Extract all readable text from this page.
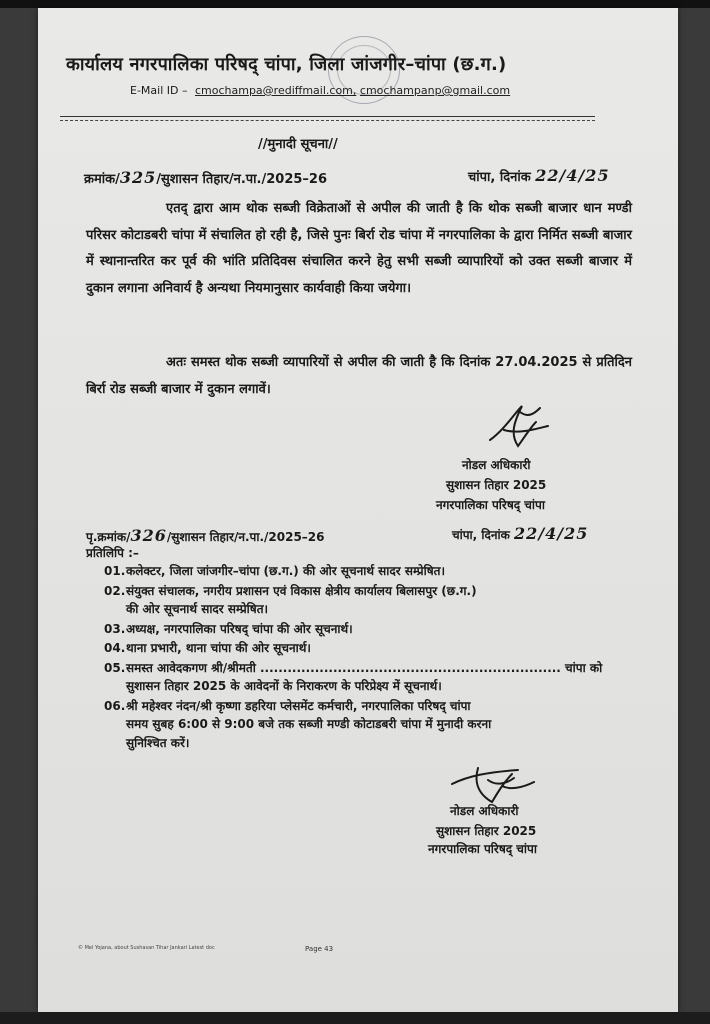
कार्यालय नगरपालिका परिषद् चांपा, जिला जांजगीर–चांपा (छ.ग.)
E-Mail ID – cmochampa@rediffmail.com, cmochampanp@gmail.com
//मुनादी सूचना//
क्रमांक/325/सुशासन तिहार/न.पा./2025–26	चांपा, दिनांक 22/4/25
एतद् द्वारा आम थोक सब्जी विक्रेताओं से अपील की जाती है कि थोक सब्जी बाजार धान मण्डी परिसर कोटाडबरी चांपा में संचालित हो रही है, जिसे पुनः बिर्रा रोड चांपा में नगरपालिका के द्वारा निर्मित सब्जी बाजार में स्थानान्तरित कर पूर्व की भांति प्रतिदिवस संचालित करने हेतु सभी सब्जी व्यापारियों को उक्त सब्जी बाजार में दुकान लगाना अनिवार्य है अन्यथा नियमानुसार कार्यवाही किया जयेगा।
अतः समस्त थोक सब्जी व्यापारियों से अपील की जाती है कि दिनांक 27.04.2025 से प्रतिदिन बिर्रा रोड सब्जी बाजार में दुकान लगावें।
नोडल अधिकारी
सुशासन तिहार 2025
नगरपालिका परिषद् चांपा
पृ.क्रमांक/326/सुशासन तिहार/न.पा./2025–26	चांपा, दिनांक 22/4/25
प्रतिलिपि :–
01.कलेक्टर, जिला जांजगीर–चांपा (छ.ग.) की ओर सूचनार्थ सादर सम्प्रेषित।
02.संयुक्त संचालक, नगरीय प्रशासन एवं विकास क्षेत्रीय कार्यालय बिलासपुर (छ.ग.)
की ओर सूचनार्थ सादर सम्प्रेषित।
03.अध्यक्ष, नगरपालिका परिषद् चांपा की ओर सूचनार्थ।
04.थाना प्रभारी, थाना चांपा की ओर सूचनार्थ।
05.समस्त आवेदकगण श्री/श्रीमती .................................................................. चांपा को
सुशासन तिहार 2025 के आवेदनों के निराकरण के परिप्रेक्ष्य में सूचनार्थ।
06.श्री महेश्वर नंदन/श्री कृष्णा डहरिया प्लेसमेंट कर्मचारी, नगरपालिका परिषद् चांपा
समय सुबह 6:00 से 9:00 बजे तक सब्जी मण्डी कोटाडबरी चांपा में मुनादी करना सुनिश्चित करें।
नोडल अधिकारी
सुशासन तिहार 2025
नगरपालिका परिषद् चांपा
© Mel Yojana, about Sushasan Tihar Jankari Latest doc	Page 43
